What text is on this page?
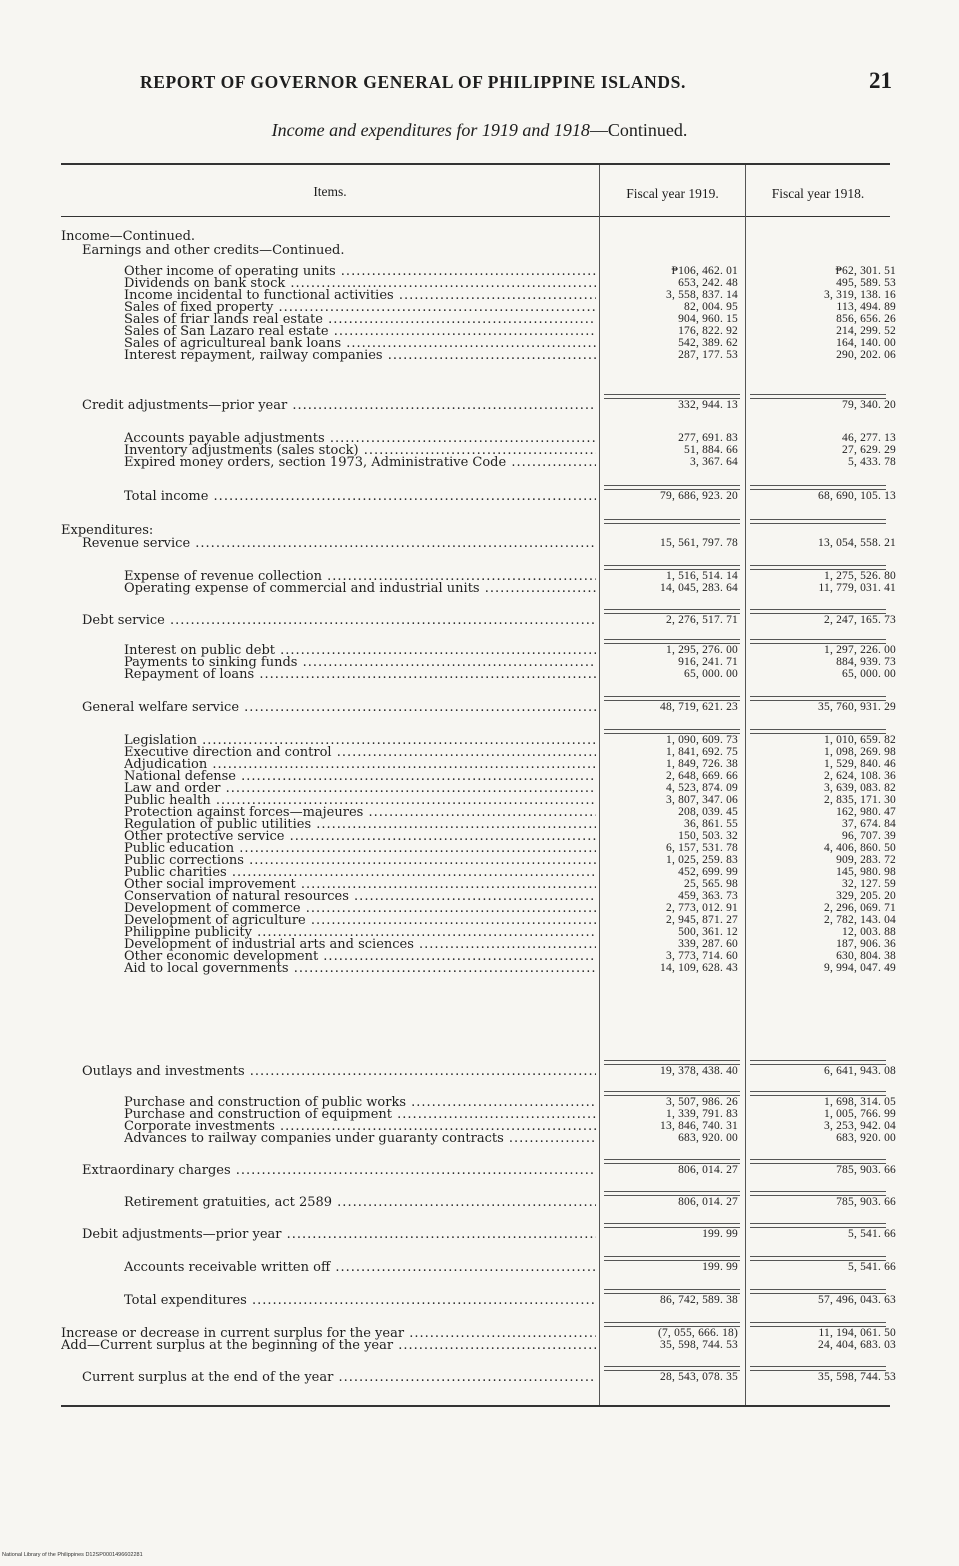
REPORT OF GOVERNOR GENERAL OF PHILIPPINE ISLANDS.	21
Income and expenditures for 1919 and 1918—Continued.
Items.	Fiscal year 1919.	Fiscal year 1918.
Income—Continued.
Earnings and other credits—Continued.
Other income of operating units .....	₱106, 462. 01	₱62, 301. 51
Dividends on bank stock .....	653, 242. 48	495, 589. 53
Income incidental to functional activities .....	3, 558, 837. 14	3, 319, 138. 16
Sales of fixed property .....	82, 004. 95	113, 494. 89
Sales of friar lands real estate .....	904, 960. 15	856, 656. 26
Sales of San Lazaro real estate .....	176, 822. 92	214, 299. 52
Sales of agricultureal bank loans .....	542, 389. 62	164, 140. 00
Interest repayment, railway companies .....	287, 177. 53	290, 202. 06
Credit adjustments—prior year .....	332, 944. 13	79, 340. 20
Accounts payable adjustments .....	277, 691. 83	46, 277. 13
Inventory adjustments (sales stock) .....	51, 884. 66	27, 629. 29
Expired money orders, section 1973, Administrative Code .....	3, 367. 64	5, 433. 78
Total income .....	79, 686, 923. 20	68, 690, 105. 13
Expenditures:
Revenue service .....	15, 561, 797. 78	13, 054, 558. 21
Expense of revenue collection .....	1, 516, 514. 14	1, 275, 526. 80
Operating expense of commercial and industrial units .....	14, 045, 283. 64	11, 779, 031. 41
Debt service .....	2, 276, 517. 71	2, 247, 165. 73
Interest on public debt .....	1, 295, 276. 00	1, 297, 226. 00
Payments to sinking funds .....	916, 241. 71	884, 939. 73
Repayment of loans .....	65, 000. 00	65, 000. 00
General welfare service .....	48, 719, 621. 23	35, 760, 931. 29
Legislation .....	1, 090, 609. 73	1, 010, 659. 82
Executive direction and control .....	1, 841, 692. 75	1, 098, 269. 98
Adjudication .....	1, 849, 726. 38	1, 529, 840. 46
National defense .....	2, 648, 669. 66	2, 624, 108. 36
Law and order .....	4, 523, 874. 09	3, 639, 083. 82
Public health .....	3, 807, 347. 06	2, 835, 171. 30
Protection against forces—majeures .....	208, 039. 45	162, 980. 47
Regulation of public utilities .....	36, 861. 55	37, 674. 84
Other protective service .....	150, 503. 32	96, 707. 39
Public education .....	6, 157, 531. 78	4, 406, 860. 50
Public corrections .....	1, 025, 259. 83	909, 283. 72
Public charities .....	452, 699. 99	145, 980. 98
Other social improvement .....	25, 565. 98	32, 127. 59
Conservation of natural resources .....	459, 363. 73	329, 205. 20
Development of commerce .....	2, 773, 012. 91	2, 296, 069. 71
Development of agriculture .....	2, 945, 871. 27	2, 782, 143. 04
Philippine publicity .....	500, 361. 12	12, 003. 88
Development of industrial arts and sciences .....	339, 287. 60	187, 906. 36
Other economic development .....	3, 773, 714. 60	630, 804. 38
Aid to local governments .....	14, 109, 628. 43	9, 994, 047. 49
Outlays and investments .....	19, 378, 438. 40	6, 641, 943. 08
Purchase and construction of public works .....	3, 507, 986. 26	1, 698, 314. 05
Purchase and construction of equipment .....	1, 339, 791. 83	1, 005, 766. 99
Corporate investments .....	13, 846, 740. 31	3, 253, 942. 04
Advances to railway companies under guaranty contracts .....	683, 920. 00	683, 920. 00
Extraordinary charges .....	806, 014. 27	785, 903. 66
Retirement gratuities, act 2589 .....	806, 014. 27	785, 903. 66
Debit adjustments—prior year .....	199. 99	5, 541. 66
Accounts receivable written off .....	199. 99	5, 541. 66
Total expenditures .....	86, 742, 589. 38	57, 496, 043. 63
Increase or decrease in current surplus for the year .....	(7, 055, 666. 18)	11, 194, 061. 50
Add—Current surplus at the beginning of the year .....	35, 598, 744. 53	24, 404, 683. 03
Current surplus at the end of the year .....	28, 543, 078. 35	35, 598, 744. 53
National Library of the Philippines D12SP0001496602281
